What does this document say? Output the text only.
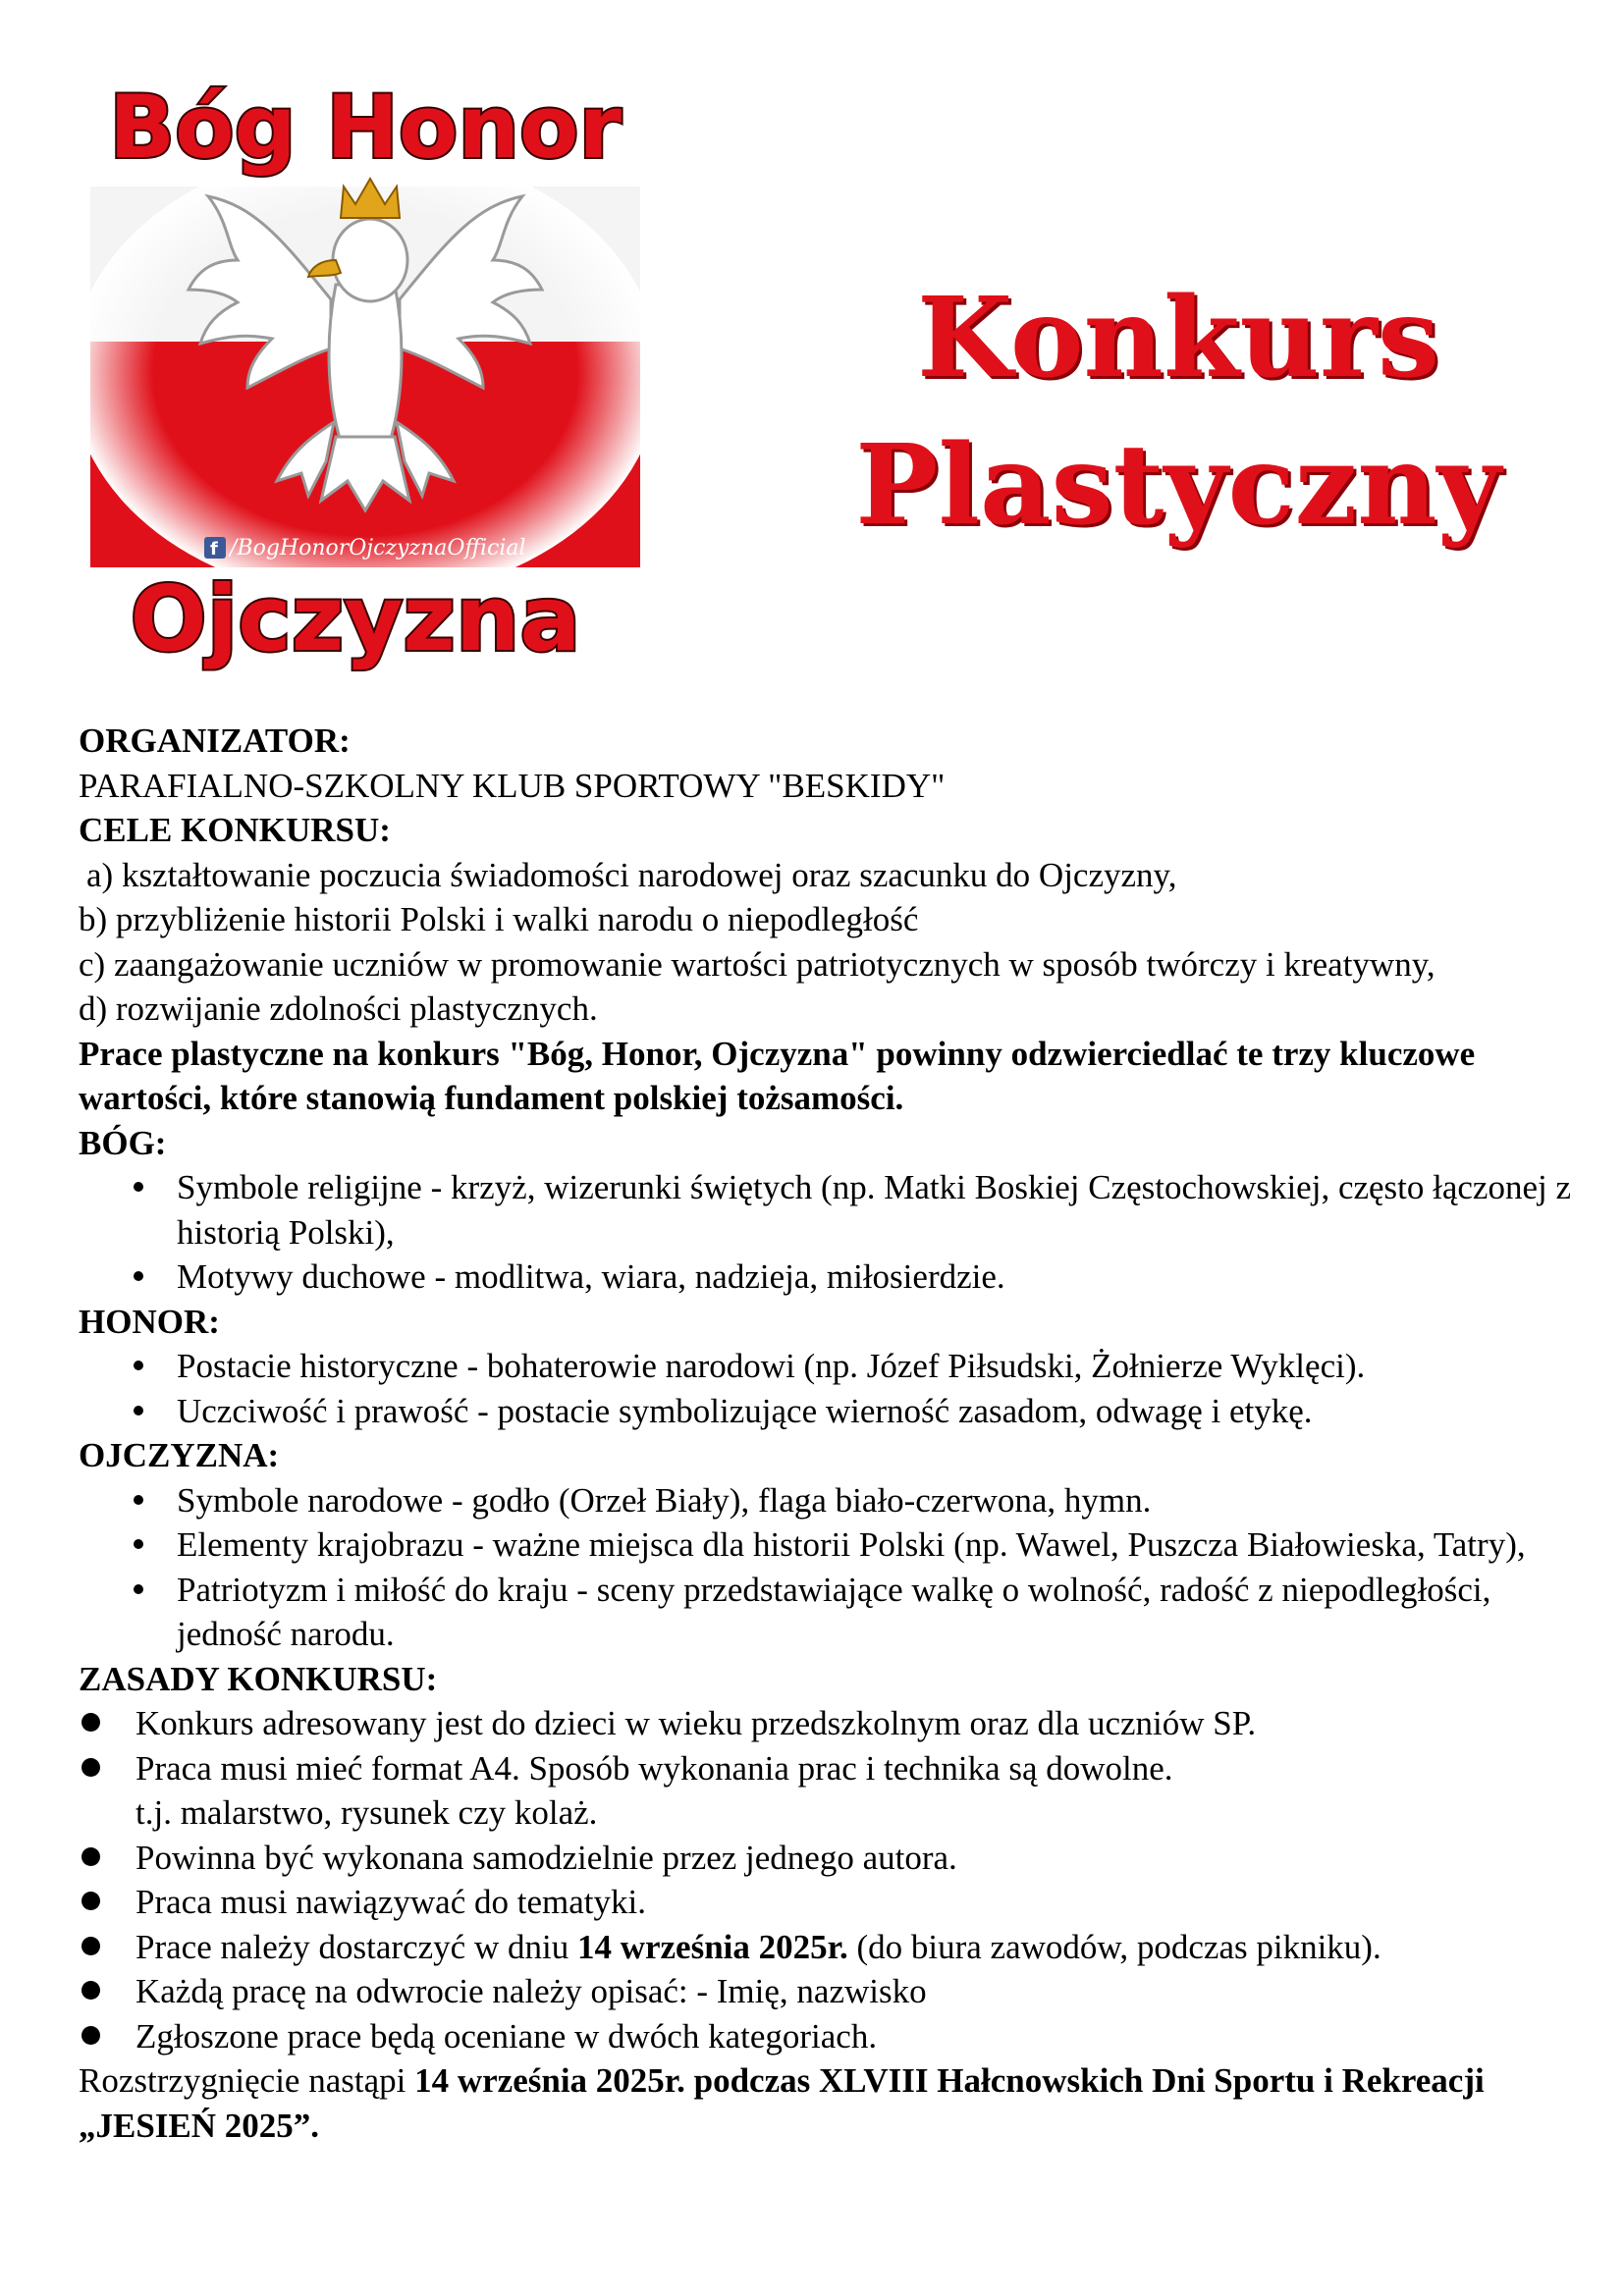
Bóg Honor
f /BogHonorOjczyznaOfficial
Ojczyzna
Konkurs
Plastyczny

ORGANIZATOR:

PARAFIALNO-SZKOLNY KLUB SPORTOWY "BESKIDY"

CELE KONKURSU:

a) kształtowanie poczucia świadomości narodowej oraz szacunku do Ojczyzny,

b) przybliżenie historii Polski i walki narodu o niepodległość

c) zaangażowanie uczniów w promowanie wartości patriotycznych w sposób twórczy i kreatywny,

d) rozwijanie zdolności plastycznych.

Prace plastyczne na konkurs "Bóg, Honor, Ojczyzna" powinny odzwierciedlać te trzy kluczowe wartości, które stanowią fundament polskiej tożsamości.

BÓG:

Symbole religijne - krzyż, wizerunki świętych (np. Matki Boskiej Częstochowskiej, często łączonej z historią Polski),
Motywy duchowe - modlitwa, wiara, nadzieja, miłosierdzie.

HONOR:

Postacie historyczne - bohaterowie narodowi (np. Józef Piłsudski, Żołnierze Wyklęci).
Uczciwość i prawość - postacie symbolizujące wierność zasadom, odwagę i etykę.

OJCZYZNA:

Symbole narodowe - godło (Orzeł Biały), flaga biało-czerwona, hymn.
Elementy krajobrazu - ważne miejsca dla historii Polski (np. Wawel, Puszcza Białowieska, Tatry),
Patriotyzm i miłość do kraju - sceny przedstawiające walkę o wolność, radość z niepodległości, jedność narodu.

ZASADY KONKURSU:

Konkurs adresowany jest do dzieci w wieku przedszkolnym oraz dla uczniów SP.
Praca musi mieć format A4. Sposób wykonania prac i technika są dowolne.
t.j. malarstwo, rysunek czy kolaż.
Powinna być wykonana samodzielnie przez jednego autora.
Praca musi nawiązywać do tematyki.
Prace należy dostarczyć w dniu 14 września 2025r. (do biura zawodów, podczas pikniku).
Każdą pracę na odwrocie należy opisać: - Imię, nazwisko
Zgłoszone prace będą oceniane w dwóch kategoriach.

Rozstrzygnięcie nastąpi 14 września 2025r. podczas XLVIII Hałcnowskich Dni Sportu i Rekreacji „JESIEŃ 2025”.
